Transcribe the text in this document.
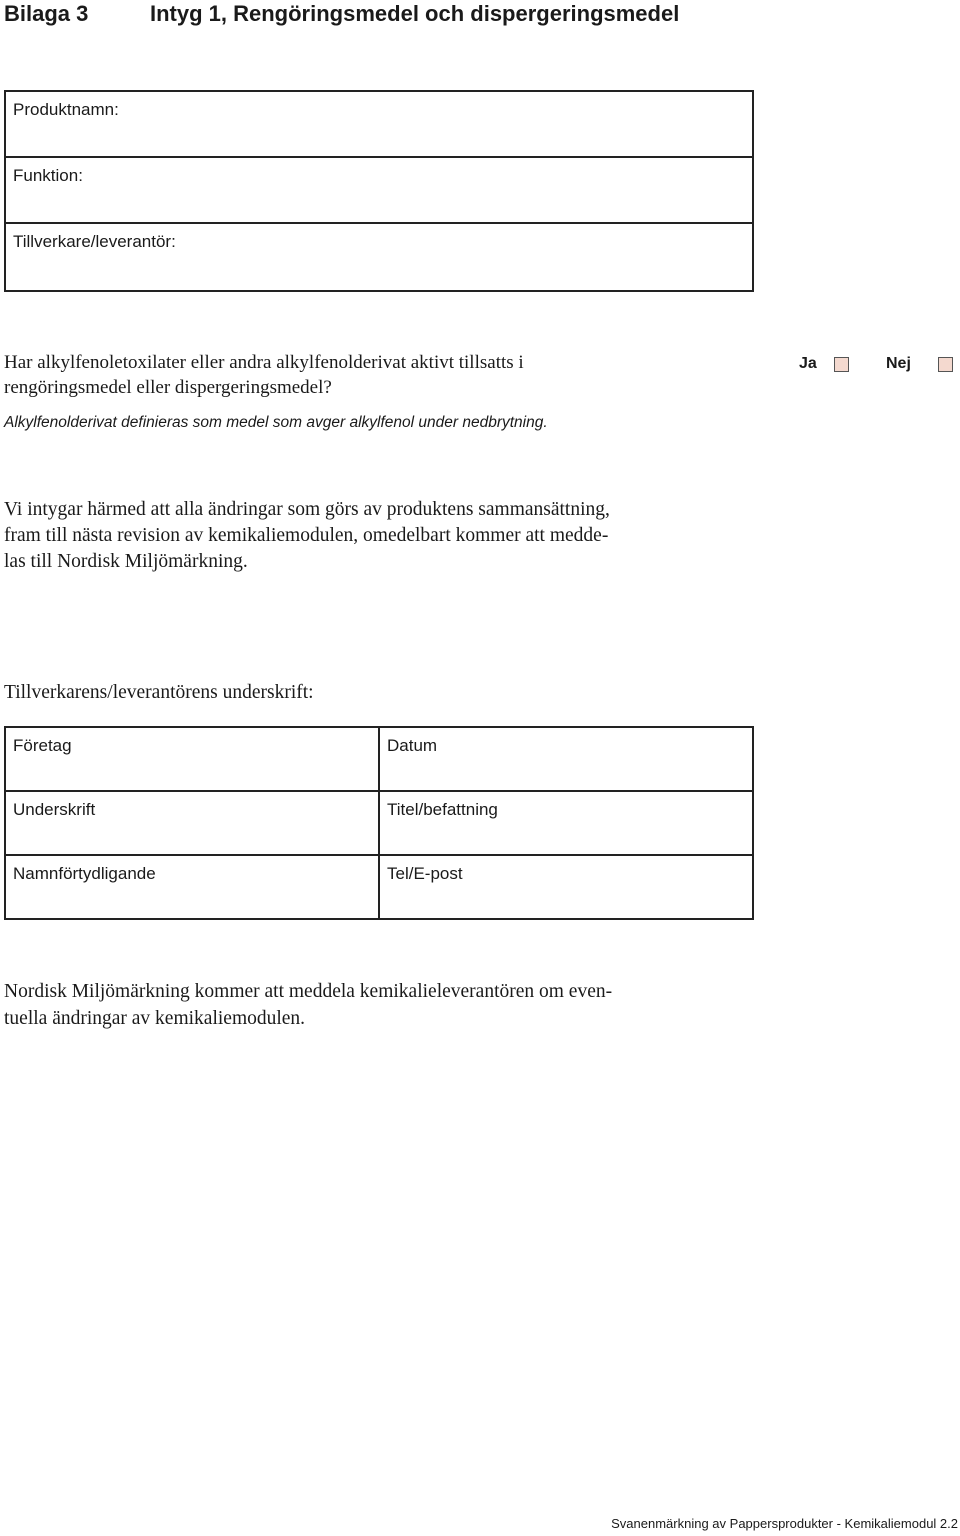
Bilaga 3	Intyg 1, Rengöringsmedel och dispergeringsmedel
Produktnamn:
Funktion:
Tillverkare/leverantör:
Har alkylfenoletoxilater eller andra alkylfenolderivat aktivt tillsatts i
rengöringsmedel eller dispergeringsmedel?
Alkylfenolderivat definieras som medel som avger alkylfenol under nedbrytning.
Ja	Nej
Vi intygar härmed att alla ändringar som görs av produktens sammansättning,
fram till nästa revision av kemikaliemodulen, omedelbart kommer att medde-
las till Nordisk Miljömärkning.
Tillverkarens/leverantörens underskrift:
Företag	Datum
Underskrift	Titel/befattning
Namnförtydligande	Tel/E-post
Nordisk Miljömärkning kommer att meddela kemikalieleverantören om even-
tuella ändringar av kemikaliemodulen.
Svanenmärkning av Pappersprodukter - Kemikaliemodul 2.2
